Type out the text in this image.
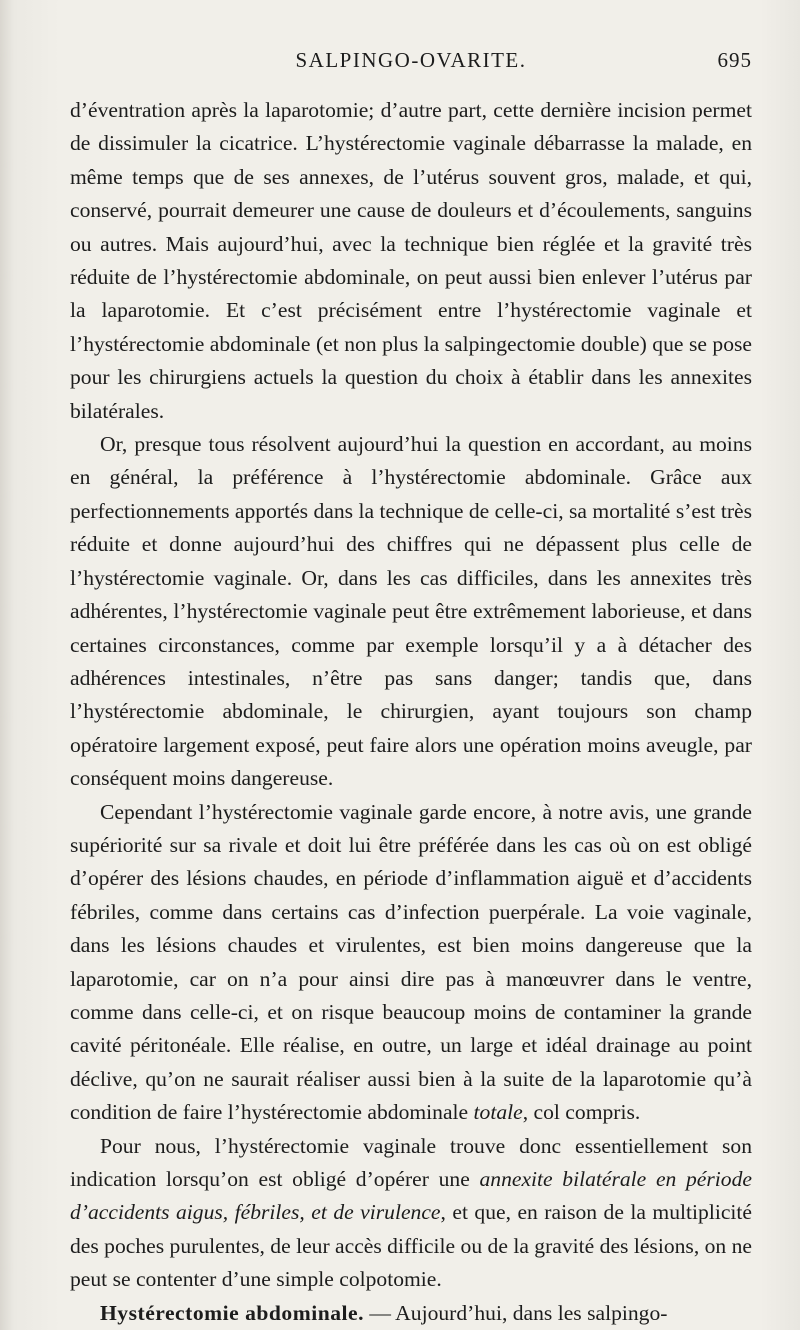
SALPINGO-OVARITE.	695

d’éventration après la laparotomie; d’autre part, cette dernière incision permet de dissimuler la cicatrice. L’hystérectomie vaginale débarrasse la malade, en même temps que de ses annexes, de l’utérus souvent gros, malade, et qui, conservé, pourrait demeurer une cause de douleurs et d’écoulements, sanguins ou autres. Mais aujourd’hui, avec la technique bien réglée et la gravité très réduite de l’hystérectomie abdominale, on peut aussi bien enlever l’utérus par la laparotomie. Et c’est précisément entre l’hystérectomie vaginale et l’hystérectomie abdominale (et non plus la salpingectomie double) que se pose pour les chirurgiens actuels la question du choix à établir dans les annexites bilatérales.

Or, presque tous résolvent aujourd’hui la question en accordant, au moins en général, la préférence à l’hystérectomie abdominale. Grâce aux perfectionnements apportés dans la technique de celle-ci, sa mortalité s’est très réduite et donne aujourd’hui des chiffres qui ne dépassent plus celle de l’hystérectomie vaginale. Or, dans les cas difficiles, dans les annexites très adhérentes, l’hystérectomie vaginale peut être extrêmement laborieuse, et dans certaines circonstances, comme par exemple lorsqu’il y a à détacher des adhérences intestinales, n’être pas sans danger; tandis que, dans l’hystérectomie abdominale, le chirurgien, ayant toujours son champ opératoire largement exposé, peut faire alors une opération moins aveugle, par conséquent moins dangereuse.

Cependant l’hystérectomie vaginale garde encore, à notre avis, une grande supériorité sur sa rivale et doit lui être préférée dans les cas où on est obligé d’opérer des lésions chaudes, en période d’inflammation aiguë et d’accidents fébriles, comme dans certains cas d’infection puerpérale. La voie vaginale, dans les lésions chaudes et virulentes, est bien moins dangereuse que la laparotomie, car on n’a pour ainsi dire pas à manœuvrer dans le ventre, comme dans celle-ci, et on risque beaucoup moins de contaminer la grande cavité péritonéale. Elle réalise, en outre, un large et idéal drainage au point déclive, qu’on ne saurait réaliser aussi bien à la suite de la laparotomie qu’à condition de faire l’hystérectomie abdominale totale, col compris.

Pour nous, l’hystérectomie vaginale trouve donc essentiellement son indication lorsqu’on est obligé d’opérer une annexite bilatérale en période d’accidents aigus, fébriles, et de virulence, et que, en raison de la multiplicité des poches purulentes, de leur accès difficile ou de la gravité des lésions, on ne peut se contenter d’une simple colpotomie.

Hystérectomie abdominale. — Aujourd’hui, dans les salpingo-
